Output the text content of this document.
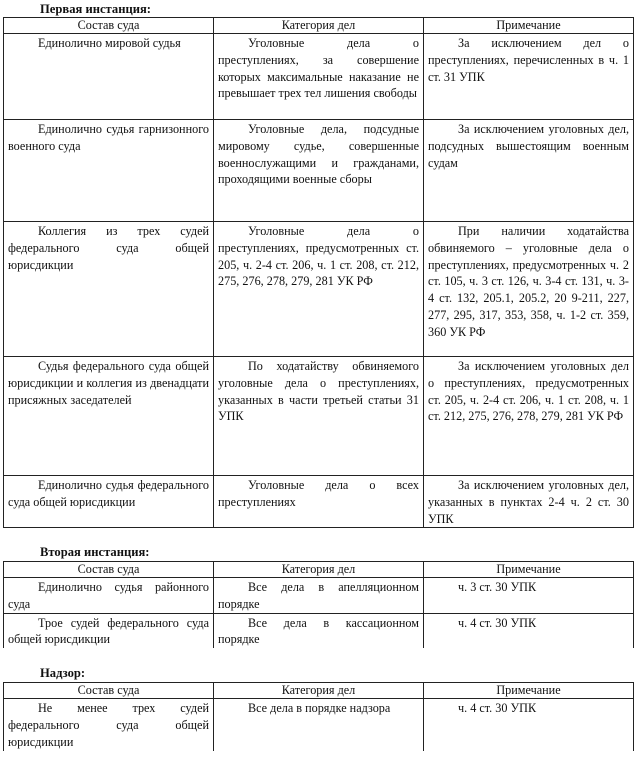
Первая инстанция:
Состав суда	Категория дел	Примечание
Единолично мировой судья	Уголовные дела о преступлениях, за совершение которых максимальные наказание не превышает трех тел лишения свободы	За исключением дел о преступлениях, перечисленных в ч. 1 ст. 31 УПК
Единолично судья гарнизонного военного суда	Уголовные дела, подсудные мировому судье, совершенные военнослужащими и гражданами, проходящими военные сборы	За исключением уголовных дел, подсудных вышестоящим военным судам
Коллегия из трех судей федерального суда общей юрисдикции	Уголовные дела о преступлениях, предусмотренных ст. 205, ч. 2-4 ст. 206, ч. 1 ст. 208, ст. 212, 275, 276, 278, 279, 281 УК РФ	При наличии ходатайства обвиняемого – уголовные дела о преступлениях, предусмотренных ч. 2 ст. 105, ч. 3 ст. 126, ч. 3-4 ст. 131, ч. 3-4 ст. 132, 205.1, 205.2, 20 9-211, 227, 277, 295, 317, 353, 358, ч. 1-2 ст. 359, 360 УК РФ
Судья федерального суда общей юрисдикции и коллегия из двенадцати присяжных заседателей	По ходатайству обвиняемого уголовные дела о преступлениях, указанных в части третьей статьи 31 УПК	За исключением уголовных дел о преступлениях, предусмотренных ст. 205, ч. 2-4 ст. 206, ч. 1 ст. 208, ч. 1 ст. 212, 275, 276, 278, 279, 281 УК РФ
Единолично судья федерального суда общей юрисдикции	Уголовные дела о всех преступлениях	За исключением уголовных дел, указанных в пунктах 2-4 ч. 2 ст. 30 УПК
Вторая инстанция:
Состав суда	Категория дел	Примечание
Единолично судья районного суда	Все дела в апелляционном порядке	ч. 3 ст. 30 УПК
Трое судей федерального суда общей юрисдикции	Все дела в кассационном порядке	ч. 4 ст. 30 УПК
Надзор:
Состав суда	Категория дел	Примечание
Не менее трех судей федерального суда общей юрисдикции	Все дела в порядке надзора	ч. 4 ст. 30 УПК
